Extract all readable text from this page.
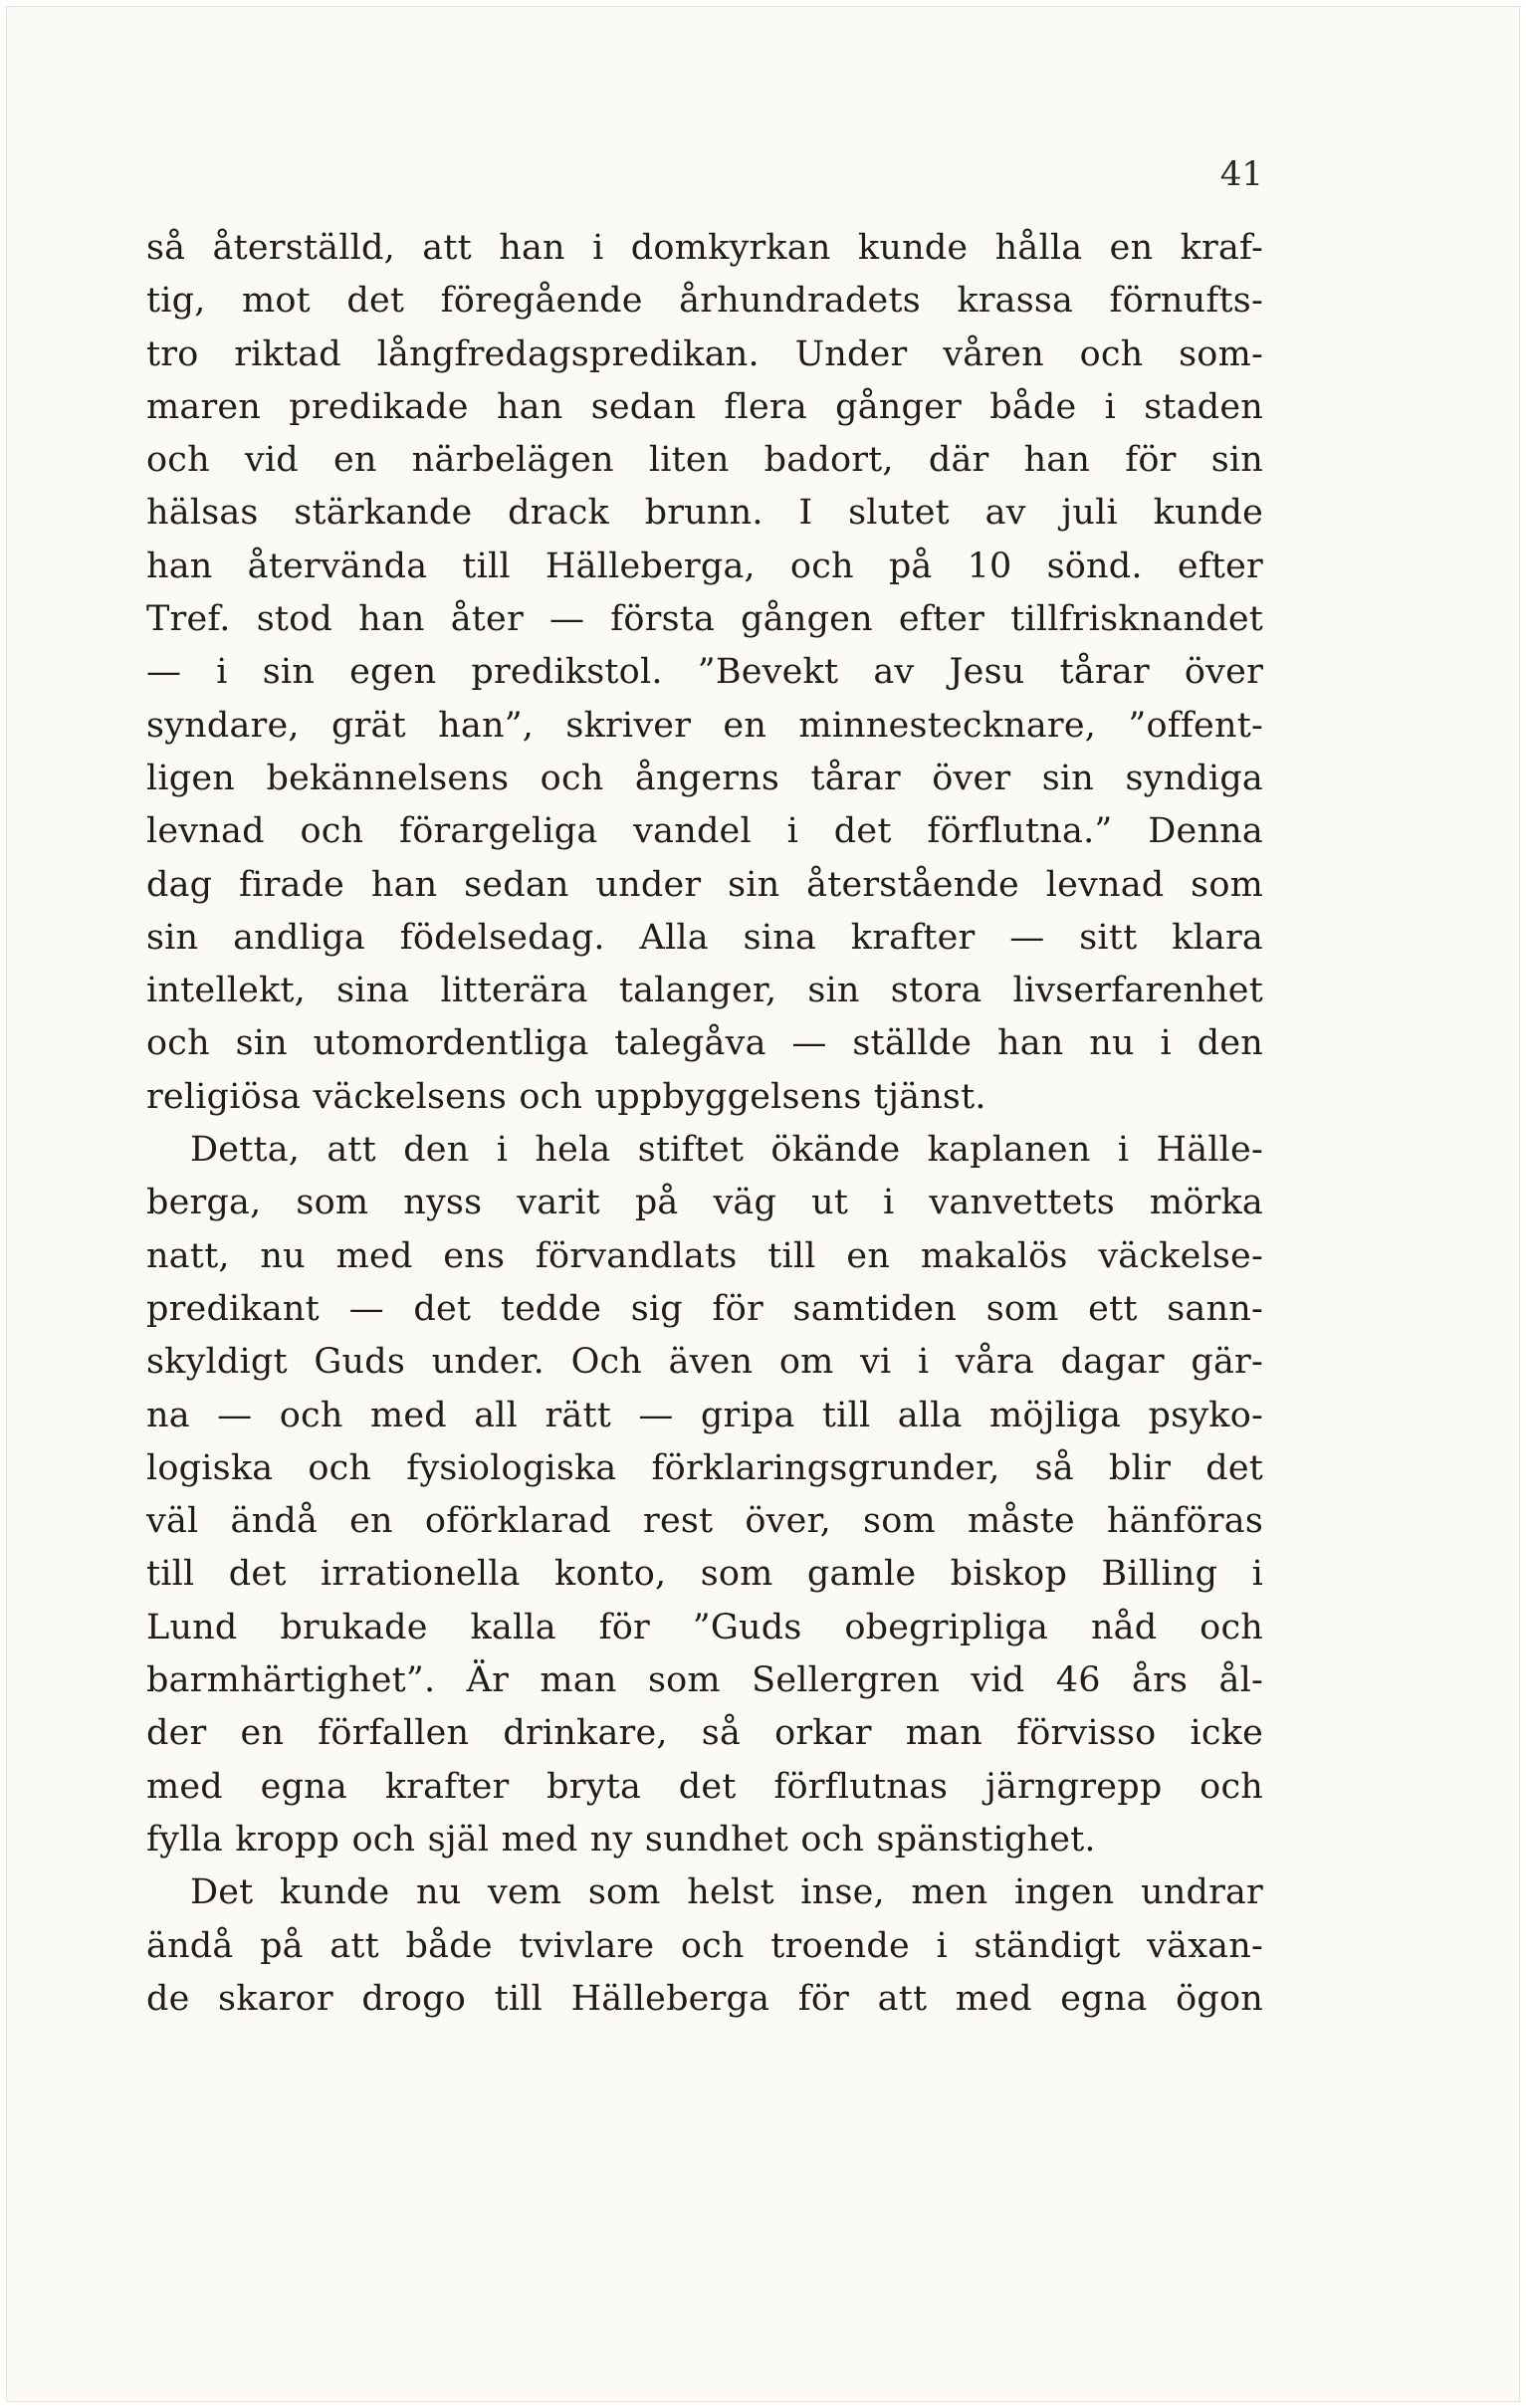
41
så återställd, att han i domkyrkan kunde hålla en kraf-
tig, mot det föregående århundradets krassa förnufts-
tro riktad långfredagspredikan. Under våren och som-
maren predikade han sedan flera gånger både i staden
och vid en närbelägen liten badort, där han för sin
hälsas stärkande drack brunn. I slutet av juli kunde
han återvända till Hälleberga, och på 10 sönd. efter
Tref. stod han åter — första gången efter tillfrisknandet
— i sin egen predikstol. ”Bevekt av Jesu tårar över
syndare, grät han”, skriver en minnestecknare, ”offent-
ligen bekännelsens och ångerns tårar över sin syndiga
levnad och förargeliga vandel i det förflutna.” Denna
dag firade han sedan under sin återstående levnad som
sin andliga födelsedag. Alla sina krafter — sitt klara
intellekt, sina litterära talanger, sin stora livserfarenhet
och sin utomordentliga talegåva — ställde han nu i den
religiösa väckelsens och uppbyggelsens tjänst.
Detta, att den i hela stiftet ökände kaplanen i Hälle-
berga, som nyss varit på väg ut i vanvettets mörka
natt, nu med ens förvandlats till en makalös väckelse-
predikant — det tedde sig för samtiden som ett sann-
skyldigt Guds under. Och även om vi i våra dagar gär-
na — och med all rätt — gripa till alla möjliga psyko-
logiska och fysiologiska förklaringsgrunder, så blir det
väl ändå en oförklarad rest över, som måste hänföras
till det irrationella konto, som gamle biskop Billing i
Lund brukade kalla för ”Guds obegripliga nåd och
barmhärtighet”. Är man som Sellergren vid 46 års ål-
der en förfallen drinkare, så orkar man förvisso icke
med egna krafter bryta det förflutnas järngrepp och
fylla kropp och själ med ny sundhet och spänstighet.
Det kunde nu vem som helst inse, men ingen undrar
ändå på att både tvivlare och troende i ständigt växan-
de skaror drogo till Hälleberga för att med egna ögon
